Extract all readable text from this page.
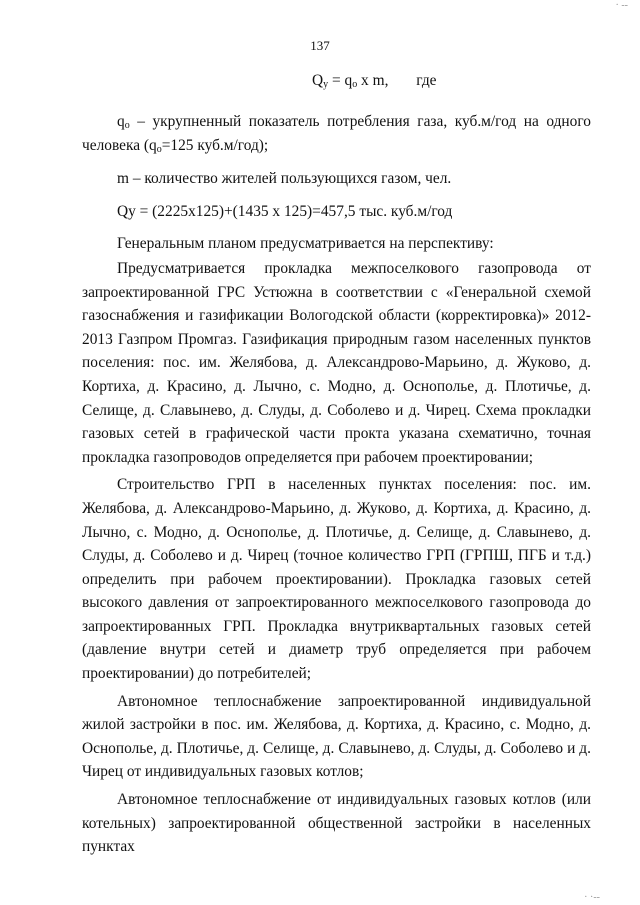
· ‐‐
· ·‐‐
137
$Q_у = q_о$ x m, где

$q_о$ – укрупненный показатель потребления газа, куб.м/год на одного человека ($q_о=125$ куб.м/год);

m – количество жителей пользующихся газом, чел.
Qу = (2225х125)+(1435 х 125)=457,5 тыс. куб.м/год

Генеральным планом предусматривается на перспективу:

Предусматривается прокладка межпоселкового газопровода от запроектированной ГРС Устюжна в соответствии с «Генеральной схемой газоснабжения и газификации Вологодской области (корректировка)» 2012-2013 Газпром Промгаз. Газификация природным газом населенных пунктов поселения: пос. им. Желябова, д. Александрово-Марьино, д. Жуково, д. Кортиха, д. Красино, д. Лычно, с. Модно, д. Оснополье, д. Плотичье, д. Селище, д. Славынево, д. Слуды, д. Соболево и д. Чирец. Схема прокладки газовых сетей в графической части прокта указана схематично, точная прокладка газопроводов определяется при рабочем проектировании;

Строительство ГРП в населенных пунктах поселения: пос. им. Желябова, д. Александрово-Марьино, д. Жуково, д. Кортиха, д. Красино, д. Лычно, с. Модно, д. Оснополье, д. Плотичье, д. Селище, д. Славынево, д. Слуды, д. Соболево и д. Чирец (точное количество ГРП (ГРПШ, ПГБ и т.д.) определить при рабочем проектировании). Прокладка газовых сетей высокого давления от запроектированного межпоселкового газопровода до запроектированных ГРП. Прокладка внутриквартальных газовых сетей (давление внутри сетей и диаметр труб определяется при рабочем проектировании) до потребителей;

Автономное теплоснабжение запроектированной индивидуальной жилой застройки в пос. им. Желябова, д. Кортиха, д. Красино, с. Модно, д. Оснополье, д. Плотичье, д. Селище, д. Славынево, д. Слуды, д. Соболево и д. Чирец от индивидуальных газовых котлов;

Автономное теплоснабжение от индивидуальных газовых котлов (или котельных) запроектированной общественной застройки в населенных пунктах
